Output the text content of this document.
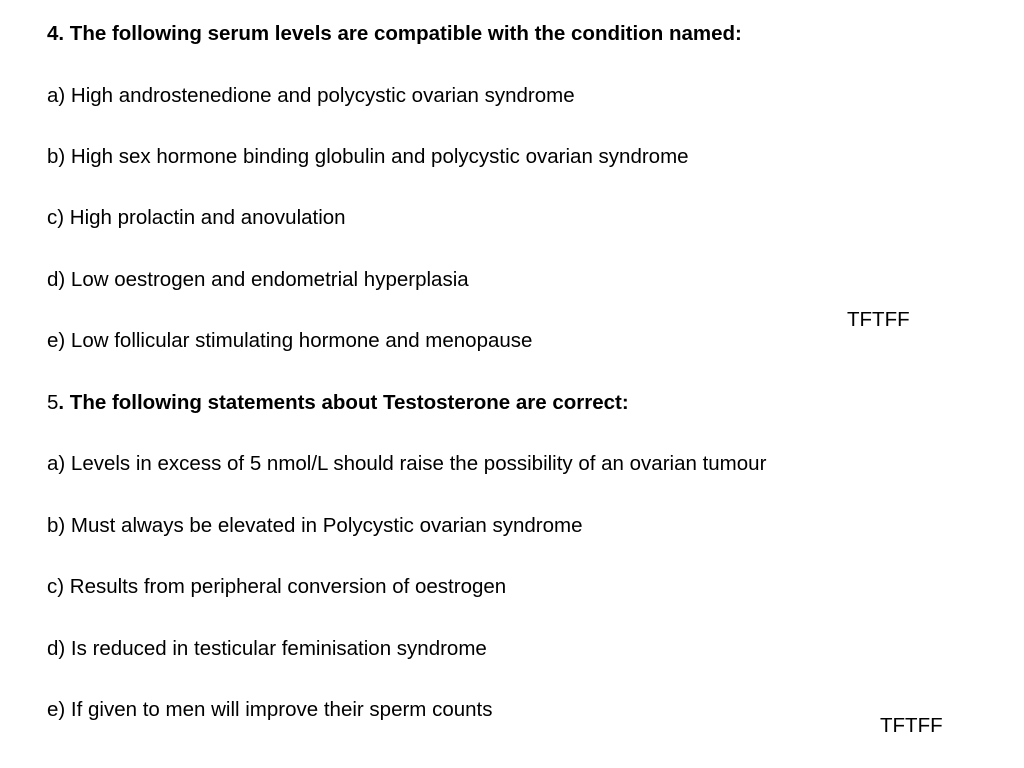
4. The following serum levels are compatible with the condition named:
a) High androstenedione and polycystic ovarian syndrome
b) High sex hormone binding globulin and polycystic ovarian syndrome
c) High prolactin and anovulation
d) Low oestrogen and endometrial hyperplasia
e) Low follicular stimulating hormone and menopause
TFTFF
5. The following statements about Testosterone are correct:
a) Levels in excess of 5 nmol/L should raise the possibility of an ovarian tumour
b) Must always be elevated in Polycystic ovarian syndrome
c) Results from peripheral conversion of oestrogen
d) Is reduced in testicular feminisation syndrome
e) If given to men will improve their sperm counts
TFTFF
